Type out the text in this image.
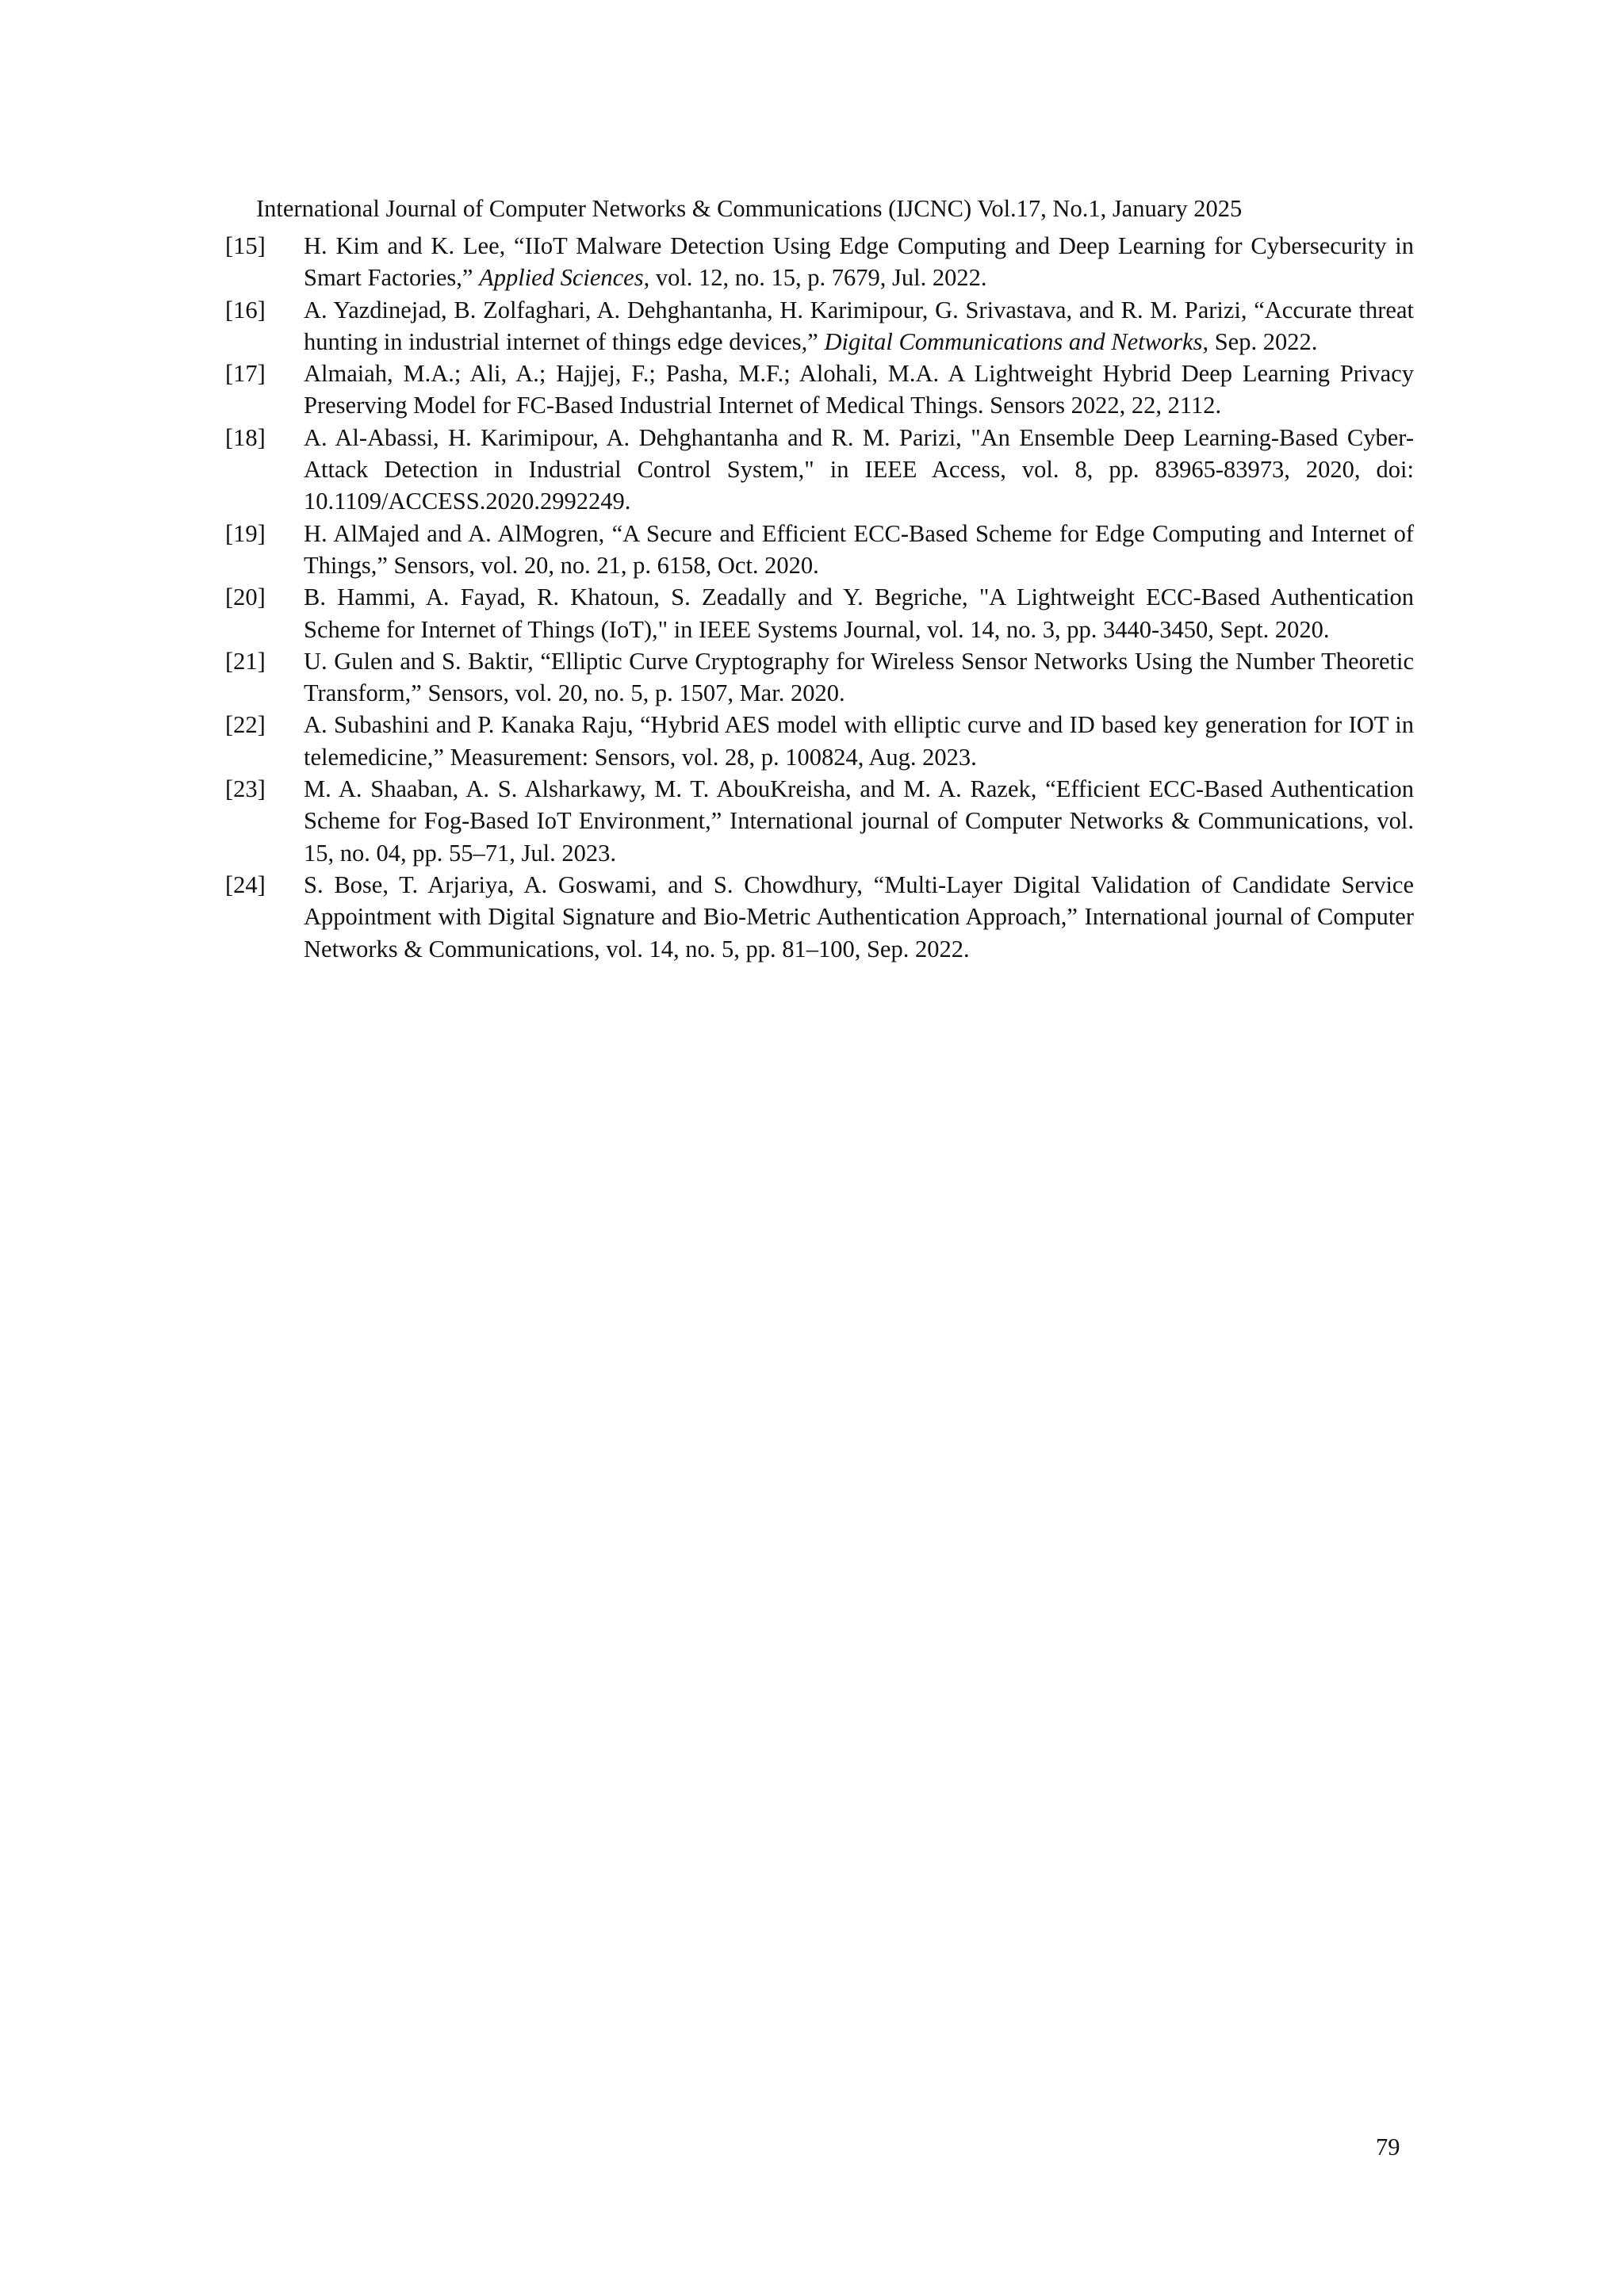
International Journal of Computer Networks & Communications (IJCNC) Vol.17, No.1, January 2025
[15]	H. Kim and K. Lee, “IIoT Malware Detection Using Edge Computing and Deep Learning for Cybersecurity in Smart Factories,” Applied Sciences, vol. 12, no. 15, p. 7679, Jul. 2022.
[16]	A. Yazdinejad, B. Zolfaghari, A. Dehghantanha, H. Karimipour, G. Srivastava, and R. M. Parizi, “Accurate threat hunting in industrial internet of things edge devices,” Digital Communications and Networks, Sep. 2022.
[17]	Almaiah, M.A.; Ali, A.; Hajjej, F.; Pasha, M.F.; Alohali, M.A. A Lightweight Hybrid Deep Learning Privacy Preserving Model for FC-Based Industrial Internet of Medical Things. Sensors 2022, 22, 2112.
[18]	A. Al-Abassi, H. Karimipour, A. Dehghantanha and R. M. Parizi, "An Ensemble Deep Learning-Based Cyber-Attack Detection in Industrial Control System," in IEEE Access, vol. 8, pp. 83965-83973, 2020, doi: 10.1109/ACCESS.2020.2992249.
[19]	H. AlMajed and A. AlMogren, “A Secure and Efficient ECC-Based Scheme for Edge Computing and Internet of Things,” Sensors, vol. 20, no. 21, p. 6158, Oct. 2020.
[20]	B. Hammi, A. Fayad, R. Khatoun, S. Zeadally and Y. Begriche, "A Lightweight ECC-Based Authentication Scheme for Internet of Things (IoT)," in IEEE Systems Journal, vol. 14, no. 3, pp. 3440-3450, Sept. 2020.
[21]	U. Gulen and S. Baktir, “Elliptic Curve Cryptography for Wireless Sensor Networks Using the Number Theoretic Transform,” Sensors, vol. 20, no. 5, p. 1507, Mar. 2020.
[22]	A. Subashini and P. Kanaka Raju, “Hybrid AES model with elliptic curve and ID based key generation for IOT in telemedicine,” Measurement: Sensors, vol. 28, p. 100824, Aug. 2023.
[23]	M. A. Shaaban, A. S. Alsharkawy, M. T. AbouKreisha, and M. A. Razek, “Efficient ECC-Based Authentication Scheme for Fog-Based IoT Environment,” International journal of Computer Networks & Communications, vol. 15, no. 04, pp. 55–71, Jul. 2023.
[24]	S. Bose, T. Arjariya, A. Goswami, and S. Chowdhury, “Multi-Layer Digital Validation of Candidate Service Appointment with Digital Signature and Bio-Metric Authentication Approach,” International journal of Computer Networks & Communications, vol. 14, no. 5, pp. 81–100, Sep. 2022.
79
